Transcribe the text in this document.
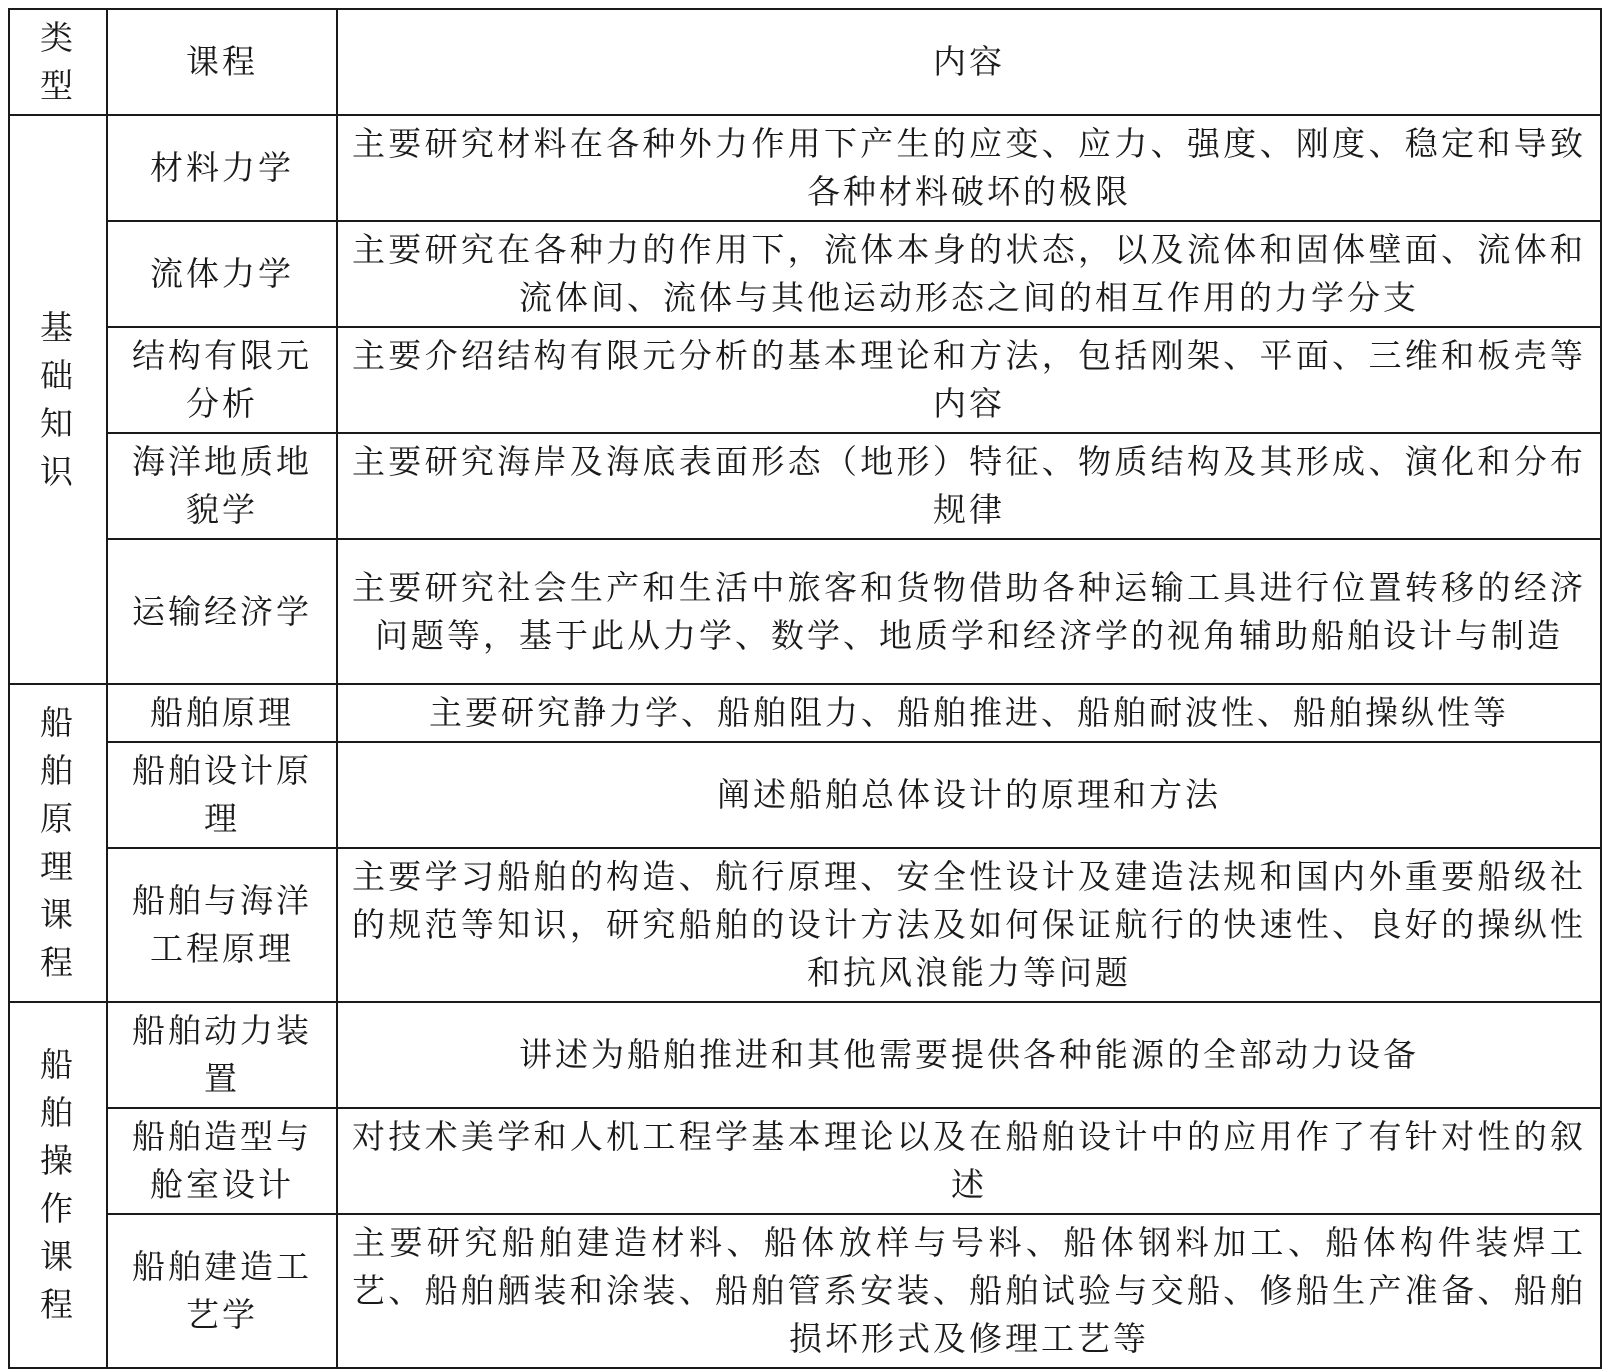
类型	课程	内容

基础知识	材料力学	主要研究材料在各种外力作用下产生的应变、应力、强度、刚度、稳定和导致各种材料破坏的极限
	流体力学	主要研究在各种力的作用下，流体本身的状态，以及流体和固体壁面、流体和流体间、流体与其他运动形态之间的相互作用的力学分支
	结构有限元分析	主要介绍结构有限元分析的基本理论和方法，包括刚架、平面、三维和板壳等内容
	海洋地质地貌学	主要研究海岸及海底表面形态（地形）特征、物质结构及其形成、演化和分布规律
	运输经济学	主要研究社会生产和生活中旅客和货物借助各种运输工具进行位置转移的经济问题等，基于此从力学、数学、地质学和经济学的视角辅助船舶设计与制造

船舶原理课程	船舶原理	主要研究静力学、船舶阻力、船舶推进、船舶耐波性、船舶操纵性等
	船舶设计原理	阐述船舶总体设计的原理和方法
	船舶与海洋工程原理	主要学习船舶的构造、航行原理、安全性设计及建造法规和国内外重要船级社的规范等知识，研究船舶的设计方法及如何保证航行的快速性、良好的操纵性和抗风浪能力等问题

船舶操作课程	船舶动力装置	讲述为船舶推进和其他需要提供各种能源的全部动力设备
	船舶造型与舱室设计	对技术美学和人机工程学基本理论以及在船舶设计中的应用作了有针对性的叙述
	船舶建造工艺学	主要研究船舶建造材料、船体放样与号料、船体钢料加工、船体构件装焊工艺、船舶舾装和涂装、船舶管系安装、船舶试验与交船、修船生产准备、船舶损坏形式及修理工艺等
